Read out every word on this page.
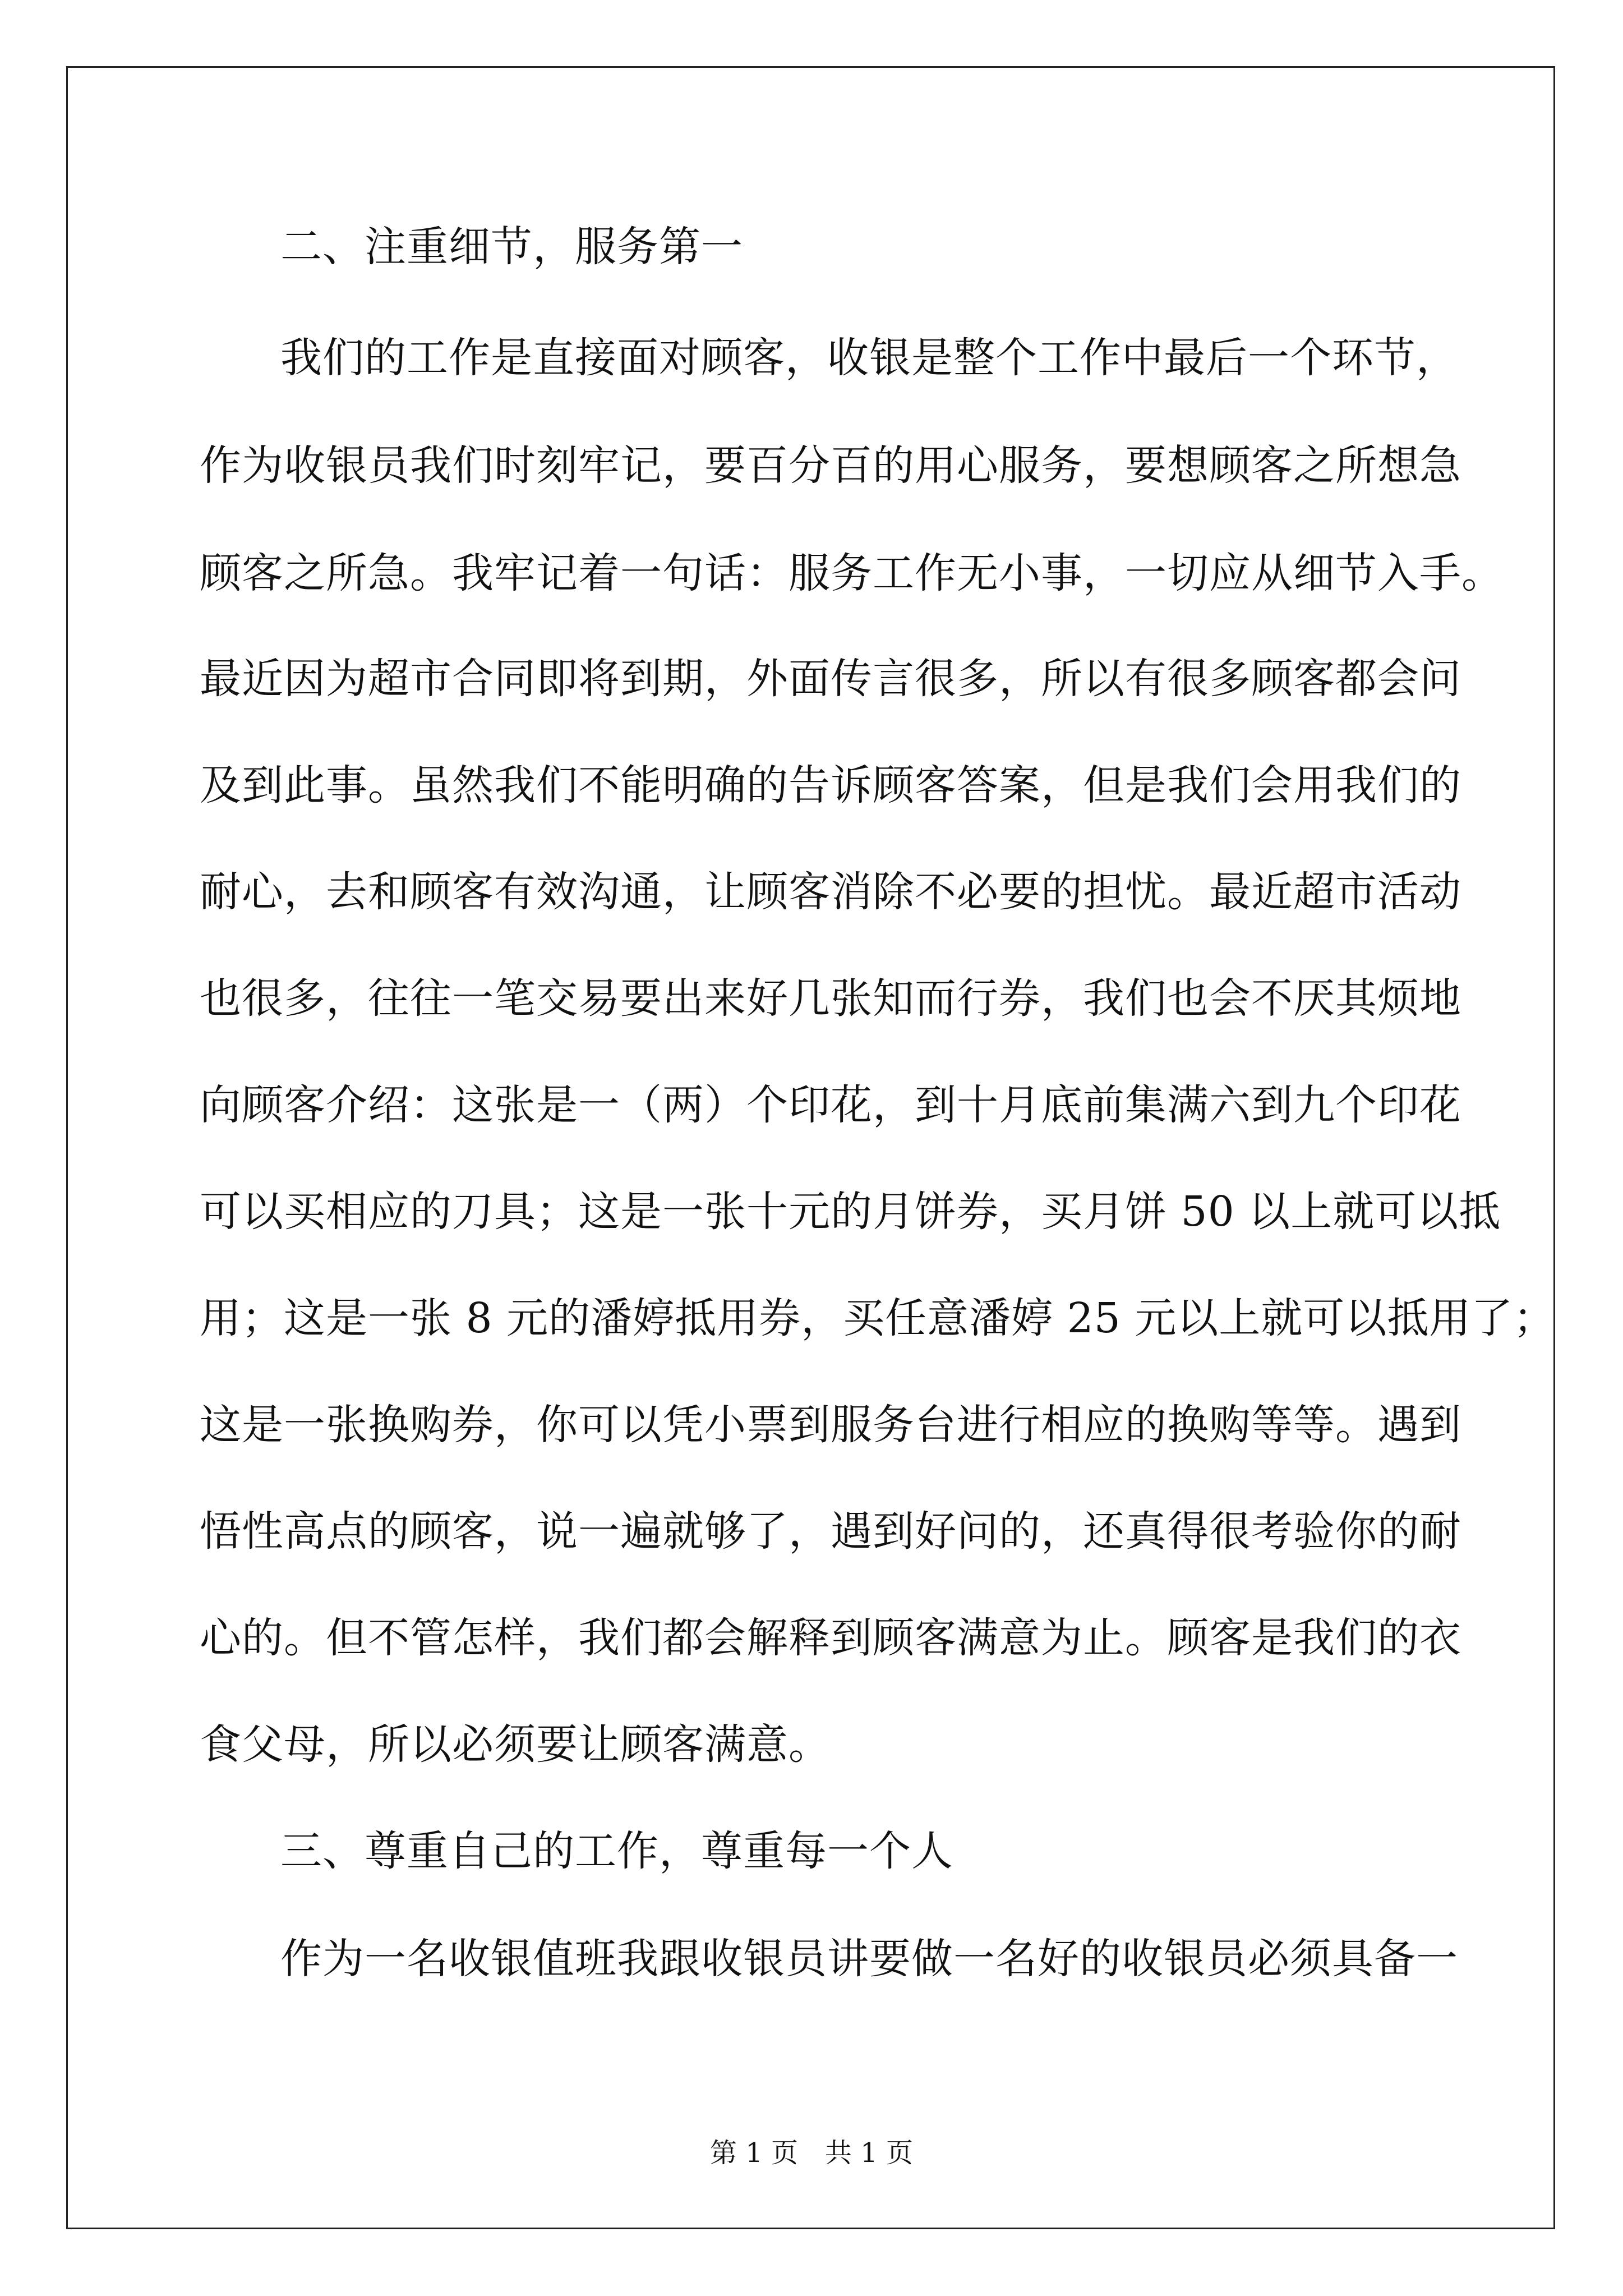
二、注重细节，服务第一
我们的工作是直接面对顾客，收银是整个工作中最后一个环节，
作为收银员我们时刻牢记，要百分百的用心服务，要想顾客之所想急
顾客之所急。我牢记着一句话：服务工作无小事，一切应从细节入手。
最近因为超市合同即将到期，外面传言很多，所以有很多顾客都会问
及到此事。虽然我们不能明确的告诉顾客答案，但是我们会用我们的
耐心，去和顾客有效沟通，让顾客消除不必要的担忧。最近超市活动
也很多，往往一笔交易要出来好几张知而行券，我们也会不厌其烦地
向顾客介绍：这张是一（两）个印花，到十月底前集满六到九个印花
可以买相应的刀具；这是一张十元的月饼券，买月饼 50 以上就可以抵
用；这是一张 8 元的潘婷抵用券，买任意潘婷 25 元以上就可以抵用了；
这是一张换购券，你可以凭小票到服务台进行相应的换购等等。遇到
悟性高点的顾客，说一遍就够了，遇到好问的，还真得很考验你的耐
心的。但不管怎样，我们都会解释到顾客满意为止。顾客是我们的衣
食父母，所以必须要让顾客满意。
三、尊重自己的工作，尊重每一个人
作为一名收银值班我跟收银员讲要做一名好的收银员必须具备一
第 1 页　共 1 页
